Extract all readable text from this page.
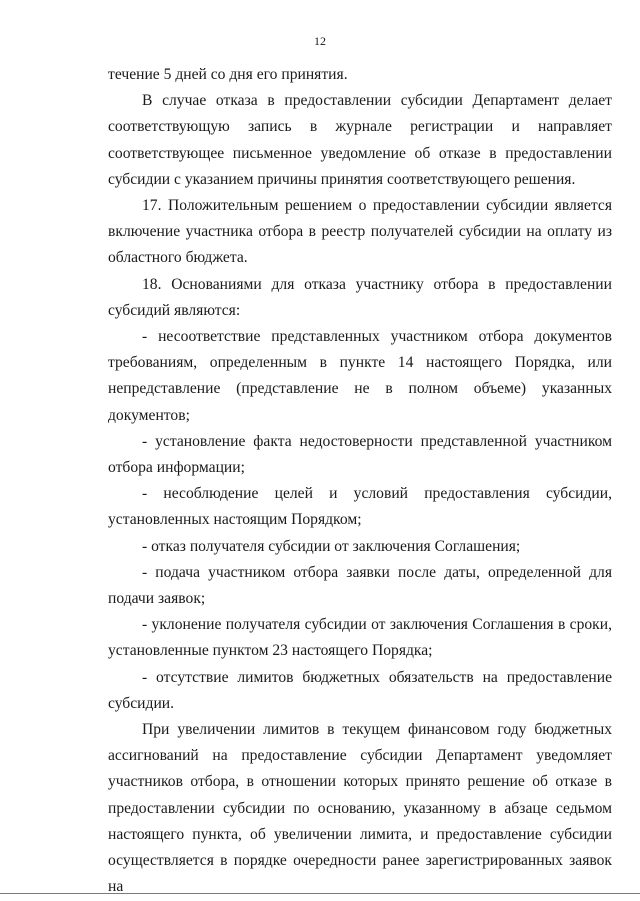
12

течение 5 дней со дня его принятия.

В случае отказа в предоставлении субсидии Департамент делает соответствующую запись в журнале регистрации и направляет соответствующее письменное уведомление об отказе в предоставлении субсидии с указанием причины принятия соответствующего решения.

17. Положительным решением о предоставлении субсидии является включение участника отбора в реестр получателей субсидии на оплату из областного бюджета.

18. Основаниями для отказа участнику отбора в предоставлении субсидий являются:

- несоответствие представленных участником отбора документов требованиям, определенным в пункте 14 настоящего Порядка, или непредставление (представление не в полном объеме) указанных документов;

- установление факта недостоверности представленной участником отбора информации;

- несоблюдение целей и условий предоставления субсидии, установленных настоящим Порядком;

- отказ получателя субсидии от заключения Соглашения;

- подача участником отбора заявки после даты, определенной для подачи заявок;

- уклонение получателя субсидии от заключения Соглашения в сроки, установленные пунктом 23 настоящего Порядка;

- отсутствие лимитов бюджетных обязательств на предоставление субсидии.

При увеличении лимитов в текущем финансовом году бюджетных ассигнований на предоставление субсидии Департамент уведомляет участников отбора, в отношении которых принято решение об отказе в предоставлении субсидии по основанию, указанному в абзаце седьмом настоящего пункта, об увеличении лимита, и предоставление субсидии осуществляется в порядке очередности ранее зарегистрированных заявок на
